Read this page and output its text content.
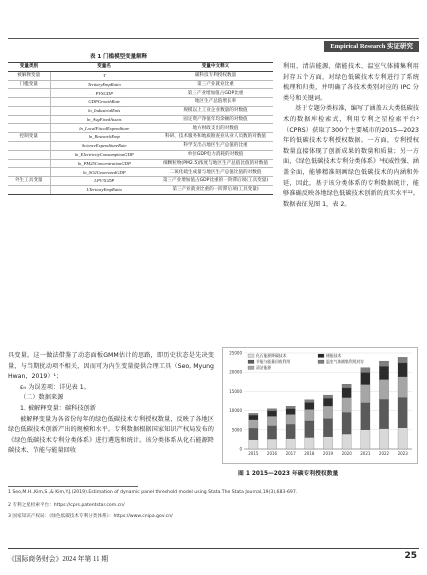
Empirical Research 实证研究
表 1 门槛模型变量解释
变量类别	变量名	变量中文释义
被解释变量	T	碳科技专利授权数量
门槛变量	TertiaryEmpRatio	第三产业就业比重
	PVSGDP	第三产业增加值占GDP比重
	GDPGrowthRate	地区生产总值增长率
	ln_IndustrialEnts	规模以上工业企业数量的对数值
	ln_AvgFixedAssets	固定资产净值年均余额的对数值
	ln_LocalFiscalExpenditure	地方财政支出的对数值
控制变量	ln_ResearchEmp	科研、技术服务和地质勘查业从业人员数的对数值
	ScienceExpenditureRate	科学支出占地区生产总值的比重
	ln_ElectricityConsumptionGDP	单位GDP电力消耗的对数值
	ln_PM25ConcentrationGDP	细颗粒物(PM2.5)浓度与地区生产总值比值的对数值
	ln_SO2GeneratedGDP	二氧化硫生成量与地区生产总值比值的对数值
外生工具变量	LPV3GDP	第三产业增加值占GDP比重的一阶滞后项(工具变量)
	LTertiaryEmpRatio	第三产业就业比重的一阶滞后项(工具变量)

利用、清洁能源、储能技术、温室气体捕集利用封存五个方面，对绿色低碳技术专利进行了系统梳理和归类，并明确了各技术类别对应的 IPC 分类号和关键词。

基于专题分类标准，编写了涵盖五大类低碳技术的数据库检索式，利用专利之星检索平台²（CPRS）获取了300个主要城市的2015—2023年的低碳技术专利授权数据。一方面，专利授权数量直接体现了创新成果的数量和质量；另一方面，《绿色低碳技术专利分类体系》³权威性强、涵盖全面，能够精准刻画绿色低碳技术的内涵和外延，因此，基于该分类体系的专利数据统计，能够准确反映各地绿色低碳技术创新的真实水平¹²。数据表征见图 1，表 2。

具变量。这一做法借鉴了动态面板GMM估计的思路，即历史状态是先决变量，与当期扰动项不相关，因而可为内生变量提供合理工具（Seo, Myung Hwan，2019）¹；

εᵢₜ 为误差项：详见表 1。

（二）数据来源

1. 被解释变量：碳科技创新

被解释变量为各省份每年的绿色低碳技术专利授权数量，反映了各地区绿色低碳技术创新产出的规模和水平。专利数据根据国家知识产权局发布的《绿色低碳技术专利分类体系》进行遴选和统计。该分类体系从化石能源降碳技术、节能与能量回收	0
5000
10000
15000
20000
25000
2015 2016 2017 2018 2019 2020 2021 2022 2023
化石能源降碳技术
节能与能量回收利用
清洁能源
储能技术
温室气体捕集利用封存
图 1 2015—2023 年碳专利授权数量
1 Seo,M.H.,Kim,S.,& Kim,Y.J.(2019).Estimation of dynamic panel threshold model using Stata.The Stata Journal,19(3),683-697.
2 专利之星检索平台：https://cprs.patentstar.com.cn/
3 国家知识产权局：《绿色低碳技术专利分类体系》：https://www.cnipa.gov.cn/
《国际商务财会》2024 年第 11 期	25
